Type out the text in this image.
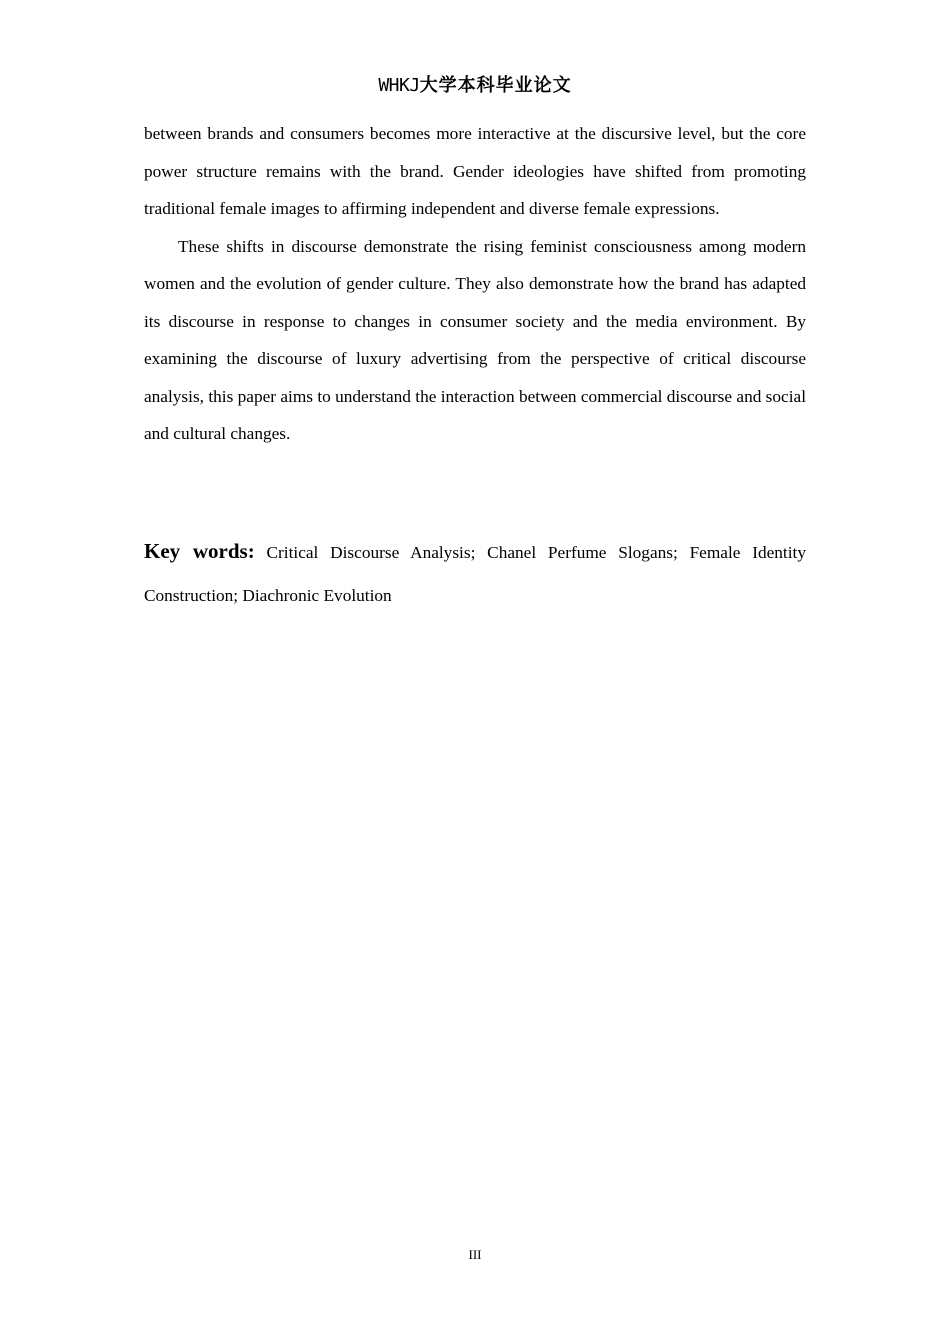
WHKJ大学本科毕业论文

between brands and consumers becomes more interactive at the discursive level, but the core power structure remains with the brand. Gender ideologies have shifted from promoting traditional female images to affirming independent and diverse female expressions.

These shifts in discourse demonstrate the rising feminist consciousness among modern women and the evolution of gender culture. They also demonstrate how the brand has adapted its discourse in response to changes in consumer society and the media environment. By examining the discourse of luxury advertising from the perspective of critical discourse analysis, this paper aims to understand the interaction between commercial discourse and social and cultural changes.

Key words: Critical Discourse Analysis; Chanel Perfume Slogans; Female Identity Construction; Diachronic Evolution

III
